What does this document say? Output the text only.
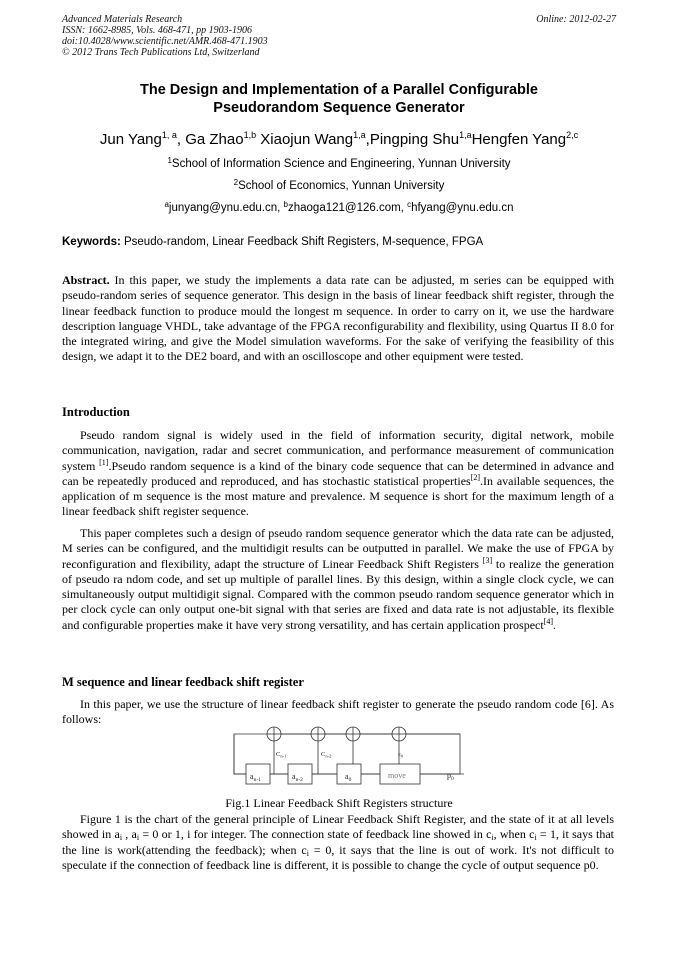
Advanced Materials Research
ISSN: 1662-8985, Vols. 468-471, pp 1903-1906
doi:10.4028/www.scientific.net/AMR.468-471.1903
© 2012 Trans Tech Publications Ltd, Switzerland
Online: 2012-02-27
The Design and Implementation of a Parallel Configurable
Pseudorandom Sequence Generator
Jun Yang$^{1, a}$, Ga Zhao$^{1,b}$ Xiaojun Wang$^{1,a}$,Pingping Shu$^{1,a}$Hengfen Yang$^{2,c}$
$^1$School of Information Science and Engineering, Yunnan University
$^2$School of Economics, Yunnan University
$^a$junyang@ynu.edu.cn, $^b$zhaoga121@126.com, $^c$hfyang@ynu.edu.cn
Keywords: Pseudo-random, Linear Feedback Shift Registers, M-sequence, FPGA
Abstract. In this paper, we study the implements a data rate can be adjusted, m series can be equipped with pseudo-random series of sequence generator. This design in the basis of linear feedback shift register, through the linear feedback function to produce mould the longest m sequence. In order to carry on it, we use the hardware description language VHDL, take advantage of the FPGA reconfigurability and flexibility, using Quartus II 8.0 for the integrated wiring, and give the Model simulation waveforms. For the sake of verifying the feasibility of this design, we adapt it to the DE2 board, and with an oscilloscope and other equipment were tested.
Introduction
Pseudo random signal is widely used in the field of information security, digital network, mobile communication, navigation, radar and secret communication, and performance measurement of communication system [1].Pseudo random sequence is a kind of the binary code sequence that can be determined in advance and can be repeatedly produced and reproduced, and has stochastic statistical properties[2].In available sequences, the application of m sequence is the most mature and prevalence. M sequence is short for the maximum length of a linear feedback shift register sequence.
This paper completes such a design of pseudo random sequence generator which the data rate can be adjusted, M series can be configured, and the multidigit results can be outputted in parallel. We make the use of FPGA by reconfiguration and flexibility, adapt the structure of Linear Feedback Shift Registers [3] to realize the generation of pseudo ra ndom code, and set up multiple of parallel lines. By this design, within a single clock cycle, we can simultaneously output multidigit signal. Compared with the common pseudo random sequence generator which in per clock cycle can only output one-bit signal with that series are fixed and data rate is not adjustable, its flexible and configurable properties make it have very strong versatility, and has certain application prospect[4].
M sequence and linear feedback shift register
In this paper, we use the structure of linear feedback shift register to generate the pseudo random code [6]. As follows:
$a_{n-1}$	$a_{n-2}$	$a_0$	move
$C_{n-1}$	$C_{n-2}$	$c_0$
$p_0$
Fig.1 Linear Feedback Shift Registers structure
Figure 1 is the chart of the general principle of Linear Feedback Shift Register, and the state of it at all levels showed in $a_i$ , $a_i = 0$ or 1, i for integer. The connection state of feedback line showed in $c_i$, when $c_i = 1$, it says that the line is work(attending the feedback); when $c_i = 0$, it says that the line is out of work. It's not difficult to speculate if the connection of feedback line is different, it is possible to change the cycle of output sequence p0.
